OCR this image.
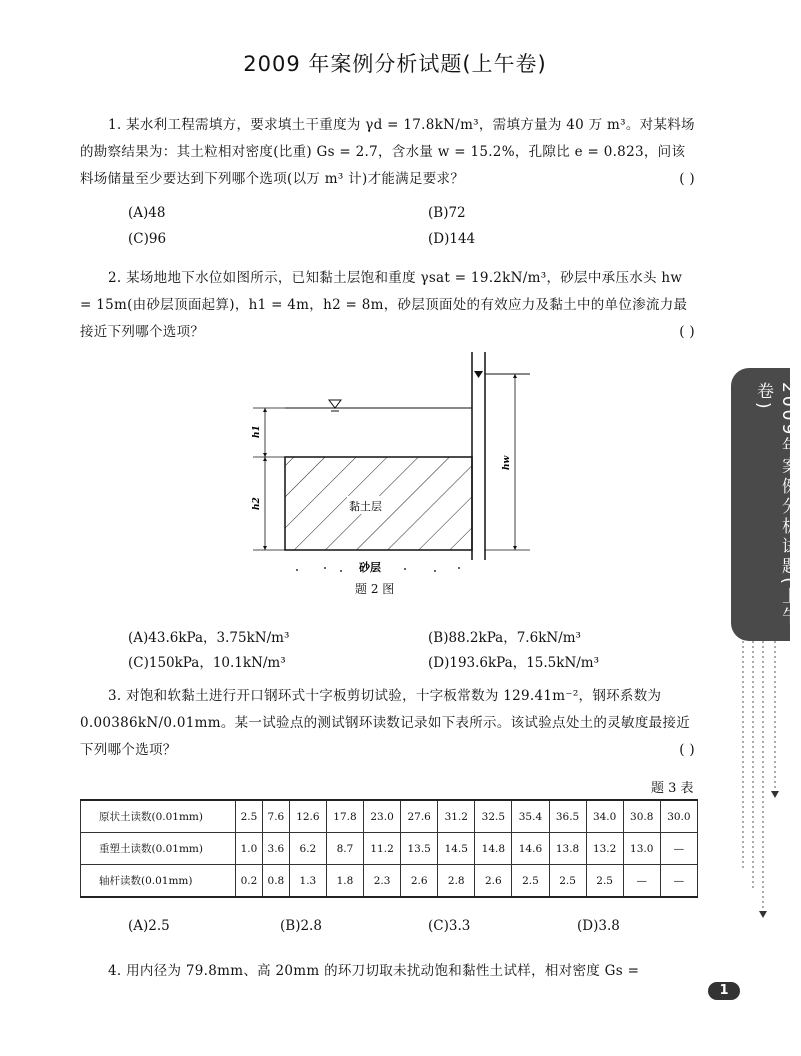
2009 年案例分析试题(上午卷)
1. 某水利工程需填方，要求填土干重度为 γd = 17.8kN/m³，需填方量为 40 万 m³。对某料场的勘察结果为：其土粒相对密度(比重) Gs = 2.7，含水量 w = 15.2%，孔隙比 e = 0.823，问该料场储量至少要达到下列哪个选项(以万 m³ 计)才能满足要求？	( )
(A)48	(B)72
(C)96	(D)144
2. 某场地地下水位如图所示，已知黏土层饱和重度 γsat = 19.2kN/m³，砂层中承压水头 hw = 15m(由砂层顶面起算)，h1 = 4m，h2 = 8m，砂层顶面处的有效应力及黏土中的单位渗流力最接近下列哪个选项？	( )
黏土层
h1
h2
hw
砂层
题 2 图
(A)43.6kPa，3.75kN/m³	(B)88.2kPa，7.6kN/m³
(C)150kPa，10.1kN/m³	(D)193.6kPa，15.5kN/m³
3. 对饱和软黏土进行开口钢环式十字板剪切试验，十字板常数为 129.41m⁻²，钢环系数为 0.00386kN/0.01mm。某一试验点的测试钢环读数记录如下表所示。该试验点处土的灵敏度最接近下列哪个选项？	( )
题 3 表
原状土读数(0.01mm)	2.5	7.6	12.6	17.8	23.0	27.6	31.2	32.5	35.4	36.5	34.0	30.8	30.0
重塑土读数(0.01mm)	1.0	3.6	6.2	8.7	11.2	13.5	14.5	14.8	14.6	13.8	13.2	13.0	—
轴杆读数(0.01mm)	0.2	0.8	1.3	1.8	2.3	2.6	2.8	2.6	2.5	2.5	2.5	—	—
(A)2.5	(B)2.8	(C)3.3	(D)3.8
4. 用内径为 79.8mm、高 20mm 的环刀切取未扰动饱和黏性土试样，相对密度 Gs =
2009年案例分析试题(上午卷)
1
